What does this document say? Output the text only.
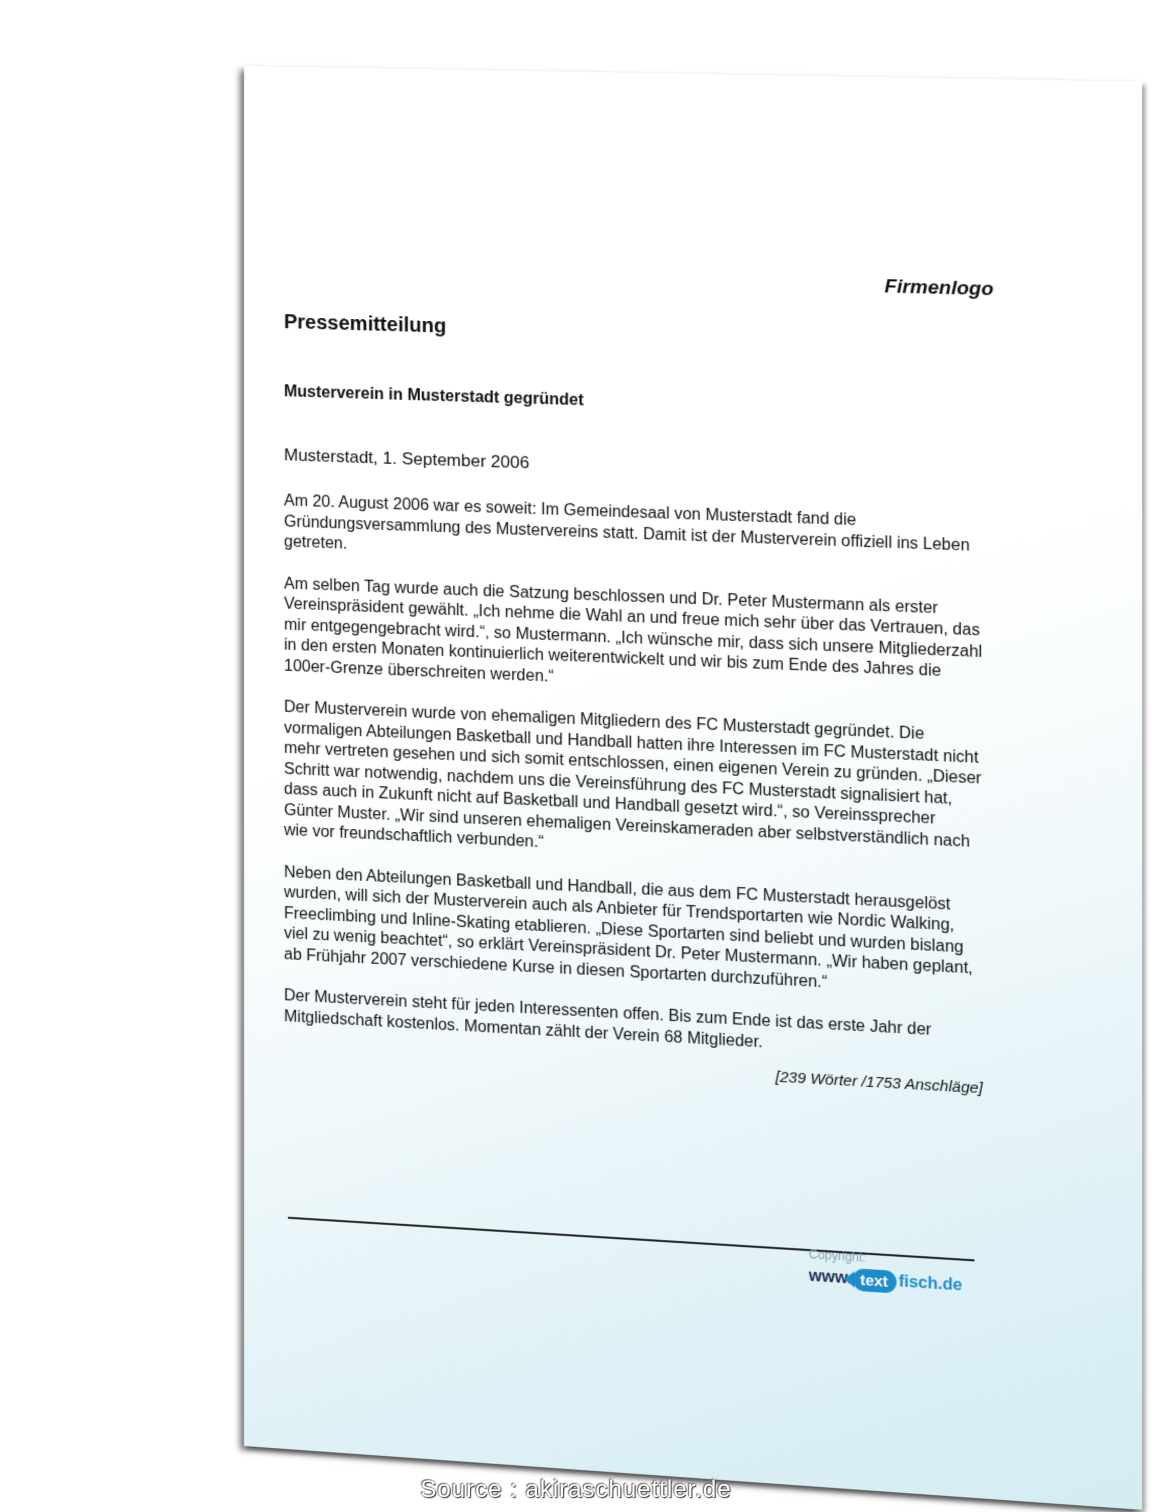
Firmenlogo
Pressemitteilung
Musterverein in Musterstadt gegründet
Musterstadt, 1. September 2006

Am 20. August 2006 war es soweit: Im Gemeindesaal von Musterstadt fand die Gründungsversammlung des Mustervereins statt. Damit ist der Musterverein offiziell ins Leben getreten.

Am selben Tag wurde auch die Satzung beschlossen und Dr. Peter Mustermann als erster Vereinspräsident gewählt. „Ich nehme die Wahl an und freue mich sehr über das Vertrauen, das mir entgegengebracht wird.“, so Mustermann. „Ich wünsche mir, dass sich unsere Mitgliederzahl in den ersten Monaten kontinuierlich weiterentwickelt und wir bis zum Ende des Jahres die 100er-Grenze überschreiten werden.“

Der Musterverein wurde von ehemaligen Mitgliedern des FC Musterstadt gegründet. Die vormaligen Abteilungen Basketball und Handball hatten ihre Interessen im FC Musterstadt nicht mehr vertreten gesehen und sich somit entschlossen, einen eigenen Verein zu gründen. „Dieser Schritt war notwendig, nachdem uns die Vereinsführung des FC Musterstadt signalisiert hat, dass auch in Zukunft nicht auf Basketball und Handball gesetzt wird.“, so Vereinssprecher Günter Muster. „Wir sind unseren ehemaligen Vereinskameraden aber selbstverständlich nach wie vor freundschaftlich verbunden.“

Neben den Abteilungen Basketball und Handball, die aus dem FC Musterstadt herausgelöst wurden, will sich der Musterverein auch als Anbieter für Trendsportarten wie Nordic Walking, Freeclimbing und Inline-Skating etablieren. „Diese Sportarten sind beliebt und wurden bislang viel zu wenig beachtet“, so erklärt Vereinspräsident Dr. Peter Mustermann. „Wir haben geplant, ab Frühjahr 2007 verschiedene Kurse in diesen Sportarten durchzuführen.“

Der Musterverein steht für jeden Interessenten offen. Bis zum Ende ist das erste Jahr der Mitgliedschaft kostenlos. Momentan zählt der Verein 68 Mitglieder.

[239 Wörter /1753 Anschläge]
Copyright:
www. text fisch .de
Source : akiraschuettler.de
